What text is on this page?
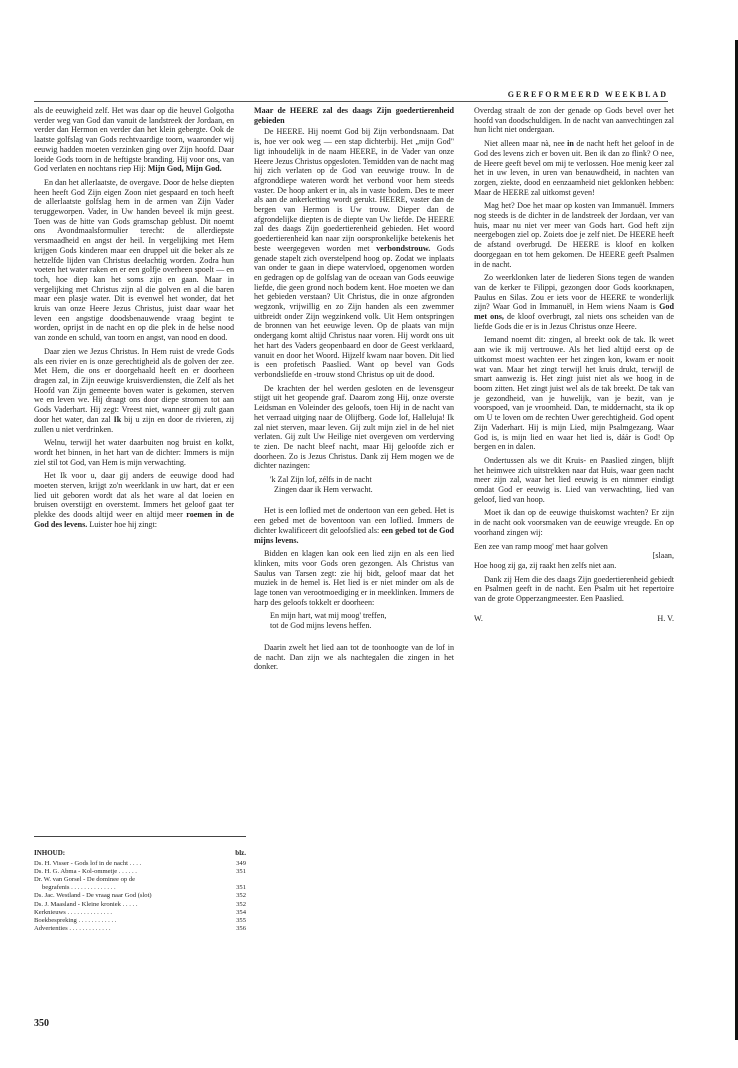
GEREFORMEERD WEEKBLAD

als de eeuwigheid zelf. Het was daar op die heuvel Golgotha verder weg van God dan vanuit de landstreek der Jordaan, en verder dan Hermon en verder dan het klein gebergte. Ook de laatste golfslag van Gods rechtvaardige toorn, waaronder wij eeuwig hadden moeten verzinken ging over Zijn hoofd. Daar loeide Gods toorn in de heftigste branding. Hij voor ons, van God verlaten en nochtans riep Hij: Mijn God, Mijn God.

En dan het allerlaatste, de overgave. Door de helse diepten heen heeft God Zijn eigen Zoon niet gespaard en toch heeft de allerlaatste golfslag hem in de armen van Zijn Vader teruggeworpen. Vader, in Uw handen beveel ik mijn geest. Toen was de hitte van Gods gramschap geblust. Dit noemt ons Avondmaalsformulier terecht: de allerdiepste versmaadheid en angst der heil. In vergelijking met Hem krijgen Gods kinderen maar een druppel uit die beker als ze hetzelfde lijden van Christus deelachtig worden. Zodra hun voeten het water raken en er een golfje overheen spoelt — en toch, hoe diep kan het soms zijn en gaan. Maar in vergelijking met Christus zijn al die golven en al die baren maar een plasje water. Dit is evenwel het wonder, dat het kruis van onze Heere Jezus Christus, juist daar waar het leven een angstige doodsbenauwende vraag begint te worden, oprijst in de nacht en op die plek in de helse nood van zonde en schuld, van toorn en angst, van nood en dood.

Daar zien we Jezus Christus. In Hem ruist de vrede Gods als een rivier en is onze gerechtigheid als de golven der zee. Met Hem, die ons er doorgehaald heeft en er doorheen dragen zal, in Zijn eeuwige kruisverdiensten, die Zelf als het Hoofd van Zijn gemeente boven water is gekomen, sterven we en leven we. Hij draagt ons door diepe stromen tot aan Gods Vaderhart. Hij zegt: Vreest niet, wanneer gij zult gaan door het water, dan zal Ik bij u zijn en door de rivieren, zij zullen u niet verdrinken.

Welnu, terwijl het water daarbuiten nog bruist en kolkt, wordt het binnen, in het hart van de dichter: Immers is mijn ziel stil tot God, van Hem is mijn verwachting.

Het Ik voor u, daar gij anders de eeuwige dood had moeten sterven, krijgt zo'n weerklank in uw hart, dat er een lied uit geboren wordt dat als het ware al dat loeien en bruisen overstijgt en overstemt. Immers het geloof gaat ter plekke des doods altijd weer en altijd meer roemen in de God des levens. Luister hoe hij zingt:

INHOUD:	blz.
Ds. H. Visser - Gods lof in de nacht . . . .	349
Ds. H. G. Abma - Kol-ommetje . . . . . .	351
Dr. W. van Gorsel - De dominee op de
begrafenis . . . . . . . . . . . . . .	351
Ds. Jac. Westland - De vraag naar God (slot)	352
Ds. J. Maasland - Kleine kroniek . . . . .	352
Kerknieuws . . . . . . . . . . . . . .	354
Boekbespreking . . . . . . . . . . . .	355
Advertenties . . . . . . . . . . . . .	356
350

Maar de HEERE zal des daags Zijn goedertierenheid gebieden

De HEERE. Hij noemt God bij Zijn verbondsnaam. Dat is, hoe ver ook weg — een stap dichterbij. Het „mijn God" ligt inhoudelijk in de naam HEERE, in de Vader van onze Heere Jezus Christus opgesloten. Temidden van de nacht mag hij zich verlaten op de God van eeuwige trouw. In de afgronddiepe wateren wordt het verbond voor hem steeds vaster. De hoop ankert er in, als in vaste bodem. Des te meer als aan de ankerketting wordt gerukt. HEERE, vaster dan de bergen van Hermon is Uw trouw. Dieper dan de afgrondelijke diepten is de diepte van Uw liefde. De HEERE zal des daags Zijn goedertierenheid gebieden. Het woord goedertierenheid kan naar zijn oorspronkelijke betekenis het beste weergegeven worden met verbondstrouw. Gods genade stapelt zich overstelpend hoog op. Zodat we inplaats van onder te gaan in diepe watervloed, opgenomen worden en gedragen op de golfslag van de oceaan van Gods eeuwige liefde, die geen grond noch bodem kent. Hoe moeten we dan het gebieden verstaan? Uit Christus, die in onze afgronden wegzonk, vrijwillig en zo Zijn handen als een zwemmer uitbreidt onder Zijn wegzinkend volk. Uit Hem ontspringen de bronnen van het eeuwige leven. Op de plaats van mijn ondergang komt altijd Christus naar voren. Hij wordt ons uit het hart des Vaders geopenbaard en door de Geest verklaard, vanuit en door het Woord. Hijzelf kwam naar boven. Dit lied is een profetisch Paaslied. Want op bevel van Gods verbondsliefde en -trouw stond Christus op uit de dood.

De krachten der hel werden gesloten en de levensgeur stijgt uit het geopende graf. Daarom zong Hij, onze overste Leidsman en Voleinder des geloofs, toen Hij in de nacht van het verraad uitging naar de Olijfberg. Gode lof, Halleluja! Ik zal niet sterven, maar leven. Gij zult mijn ziel in de hel niet verlaten. Gij zult Uw Heilige niet overgeven om verderving te zien. De nacht bleef nacht, maar Hij geloofde zich er doorheen. Zo is Jezus Christus. Dank zij Hem mogen we de dichter nazingen:

'k Zal Zijn lof, zélfs in de nacht
Zingen daar ik Hem verwacht.

Het is een loflied met de ondertoon van een gebed. Het is een gebed met de boventoon van een loflied. Immers de dichter kwalificeert dit geloofslied als: een gebed tot de God mijns levens.

Bidden en klagen kan ook een lied zijn en als een lied klinken, mits voor Gods oren gezongen. Als Christus van Saulus van Tarsen zegt: zie hij bidt, geloof maar dat het muziek in de hemel is. Het lied is er niet minder om als de lage tonen van verootmoediging er in meeklinken. Immers de harp des geloofs tokkelt er doorheen:

En mijn hart, wat mij moog' treffen,
tot de God mijns levens heffen.

Daarin zwelt het lied aan tot de toonhoogte van de lof in de nacht. Dan zijn we als nachtegalen die zingen in het donker.

Overdag straalt de zon der genade op Gods bevel over het hoofd van doodschuldigen. In de nacht van aanvechtingen zal hun licht niet ondergaan.

Niet alleen maar nà, nee in de nacht heft het geloof in de God des levens zich er boven uit. Ben ik dan zo flink? O nee, de Heere geeft bevel om mij te verlossen. Hoe menig keer zal het in uw leven, in uren van benauwdheid, in nachten van zorgen, ziekte, dood en eenzaamheid niet geklonken hebben: Maar de HEERE zal uitkomst geven!

Mag het? Doe het maar op kosten van Immanuël. Immers nog steeds is de dichter in de landstreek der Jordaan, ver van huis, maar nu niet ver meer van Gods hart. God heft zijn neergebogen ziel op. Zoiets doe je zelf niet. De HEERE heeft de afstand overbrugd. De HEERE is kloof en kolken doorgegaan en tot hem gekomen. De HEERE geeft Psalmen in de nacht.

Zo weerklonken later de liederen Sions tegen de wanden van de kerker te Filippi, gezongen door Gods koorknapen, Paulus en Silas. Zou er iets voor de HEERE te wonderlijk zijn? Waar God in Immanuël, in Hem wiens Naam is God met ons, de kloof overbrugt, zal niets ons scheiden van de liefde Gods die er is in Jezus Christus onze Heere.

Iemand noemt dit: zingen, al breekt ook de tak. Ik weet aan wie ik mij vertrouwe. Als het lied altijd eerst op de uitkomst moest wachten eer het zingen kon, kwam er nooit wat van. Maar het zingt terwijl het kruis drukt, terwijl de smart aanwezig is. Het zingt juist niet als we hoog in de boom zitten. Het zingt juist wel als de tak breekt. De tak van je gezondheid, van je huwelijk, van je bezit, van je voorspoed, van je vroomheid. Dan, te middernacht, sta ik op om U te loven om de rechten Uwer gerechtigheid. God opent Zijn Vaderhart. Hij is mijn Lied, mijn Psalmgezang. Waar God is, is mijn lied en waar het lied is, dáár is God! Op bergen en in dalen.

Ondertussen als we dit Kruis- en Paaslied zingen, blijft het heimwee zich uitstrekken naar dat Huis, waar geen nacht meer zijn zal, waar het lied eeuwig is en nimmer eindigt omdat God er eeuwig is. Lied van verwachting, lied van geloof, lied van hoop.

Moet ik dan op de eeuwige thuiskomst wachten? Er zijn in de nacht ook voorsmaken van de eeuwige vreugde. En op voorhand zingen wij:

Een zee van ramp moog' met haar golven
[slaan,
Hoe hoog zij ga, zij raakt hen zelfs niet aan.

Dank zij Hem die des daags Zijn goedertierenheid gebiedt en Psalmen geeft in de nacht. Een Psalm uit het repertoire van de grote Opperzangmeester. Een Paaslied.

W.	H. V.
